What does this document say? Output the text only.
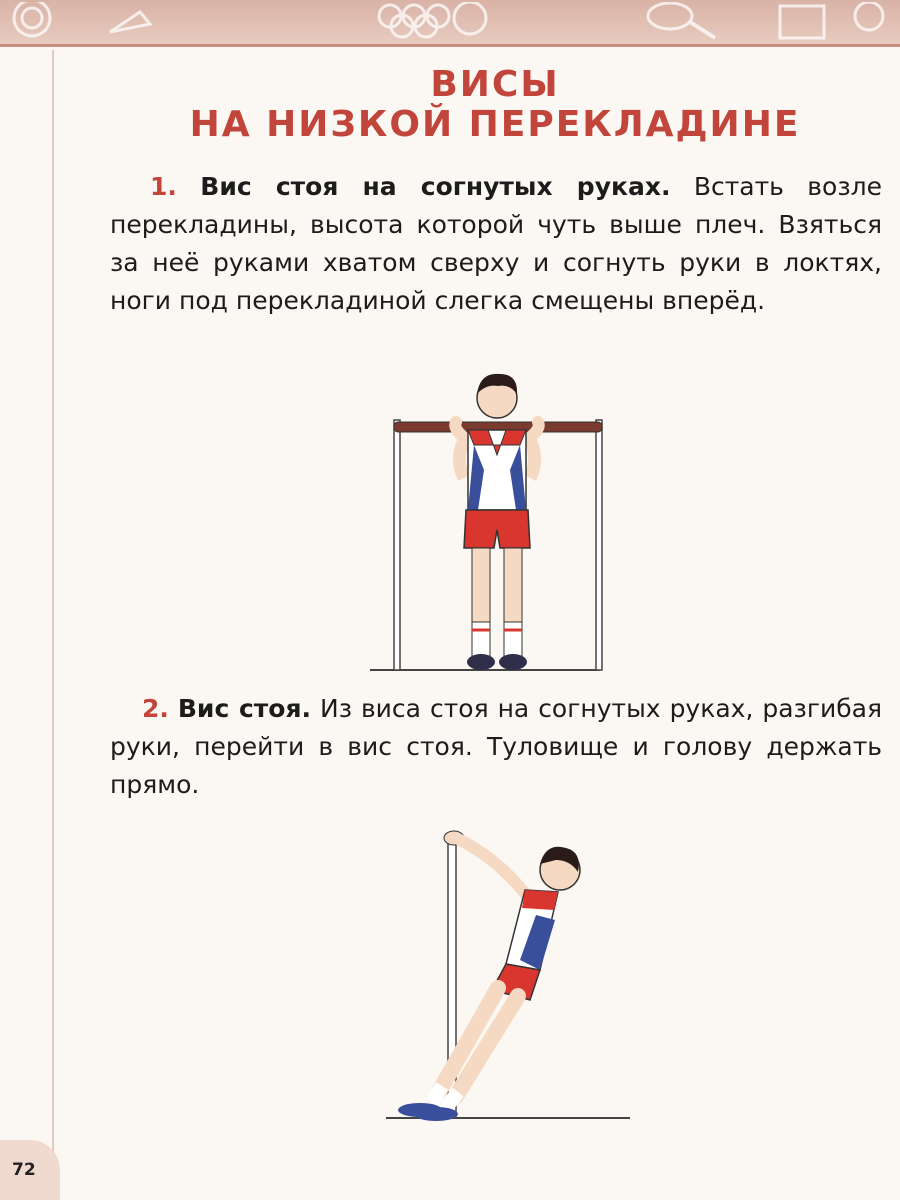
ВИСЫ
НА НИЗКОЙ ПЕРЕКЛАДИНЕ
1. Вис стоя на согнутых руках. Встать возле перекладины, высота которой чуть выше плеч. Взяться за неё руками хватом сверху и согнуть руки в локтях, ноги под перекладиной слегка смещены вперёд.
2. Вис стоя. Из виса стоя на согнутых руках, разгибая руки, перейти в вис стоя. Туловище и голову держать прямо.
72
